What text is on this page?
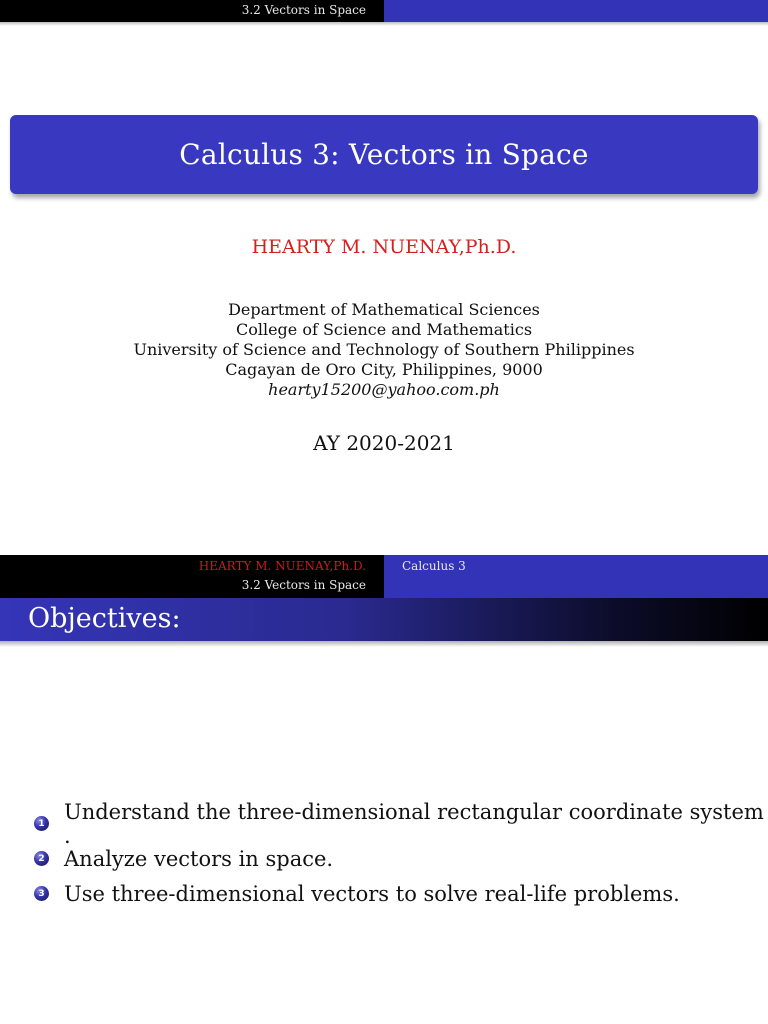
3.2 Vectors in Space
Calculus 3: Vectors in Space
HEARTY M. NUENAY,Ph.D.
Department of Mathematical Sciences
College of Science and Mathematics
University of Science and Technology of Southern Philippines
Cagayan de Oro City, Philippines, 9000
hearty15200@yahoo.com.ph
AY 2020-2021
HEARTY M. NUENAY,Ph.D.
3.2 Vectors in Space
Calculus 3
Objectives:
1 Understand the three-dimensional rectangular coordinate system .
2 Analyze vectors in space.
3 Use three-dimensional vectors to solve real-life problems.
